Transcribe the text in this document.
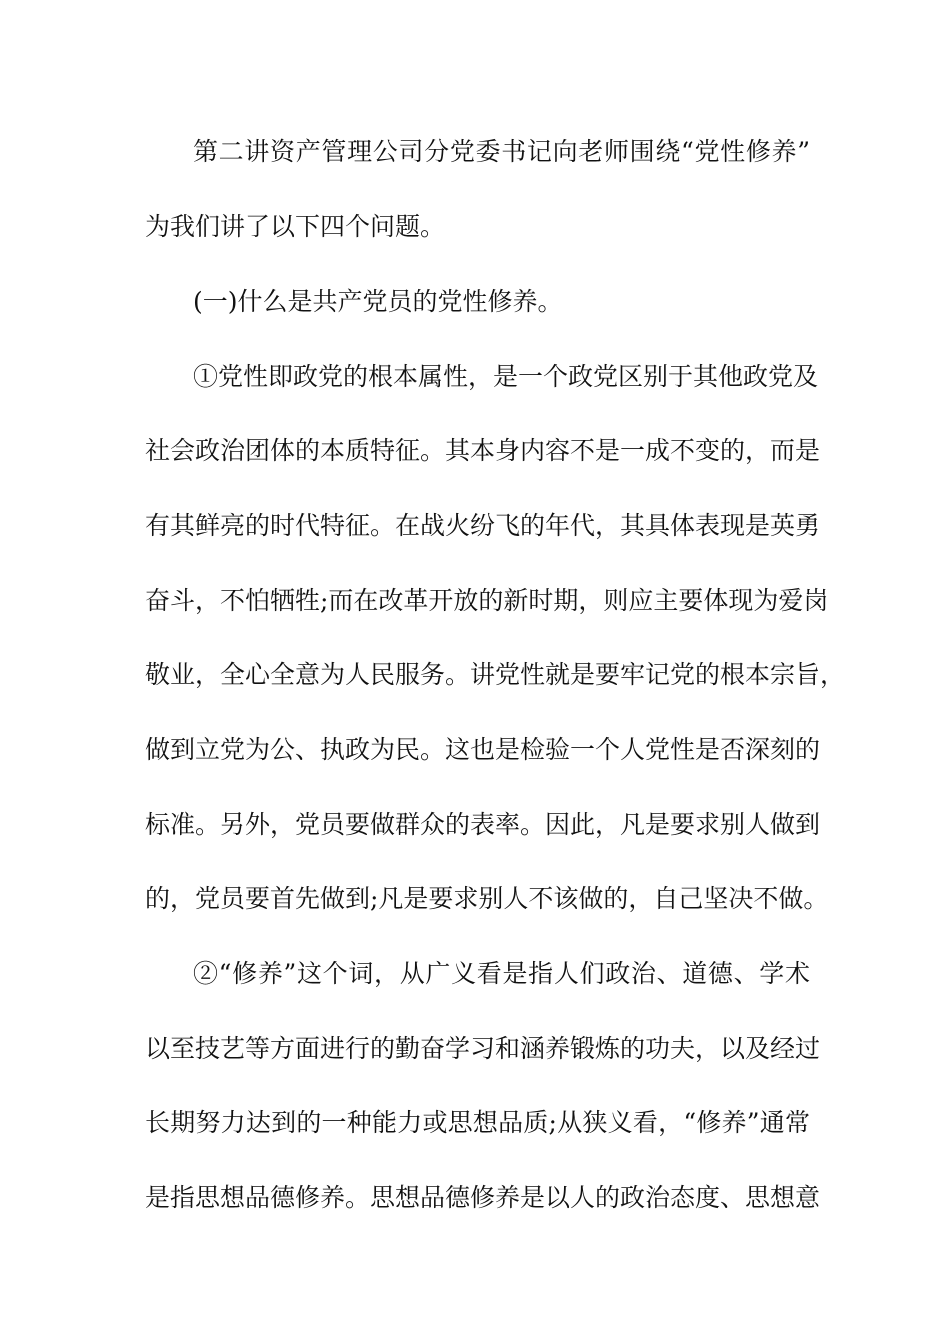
第二讲资产管理公司分党委书记向老师围绕“党性修养”
为我们讲了以下四个问题。
(一)什么是共产党员的党性修养。
①党性即政党的根本属性，是一个政党区别于其他政党及
社会政治团体的本质特征。其本身内容不是一成不变的，而是
有其鲜亮的时代特征。在战火纷飞的年代，其具体表现是英勇
奋斗，不怕牺牲;而在改革开放的新时期，则应主要体现为爱岗
敬业，全心全意为人民服务。讲党性就是要牢记党的根本宗旨，
做到立党为公、执政为民。这也是检验一个人党性是否深刻的
标准。另外，党员要做群众的表率。因此，凡是要求别人做到
的，党员要首先做到;凡是要求别人不该做的，自己坚决不做。
②“修养”这个词，从广义看是指人们政治、道德、学术
以至技艺等方面进行的勤奋学习和涵养锻炼的功夫，以及经过
长期努力达到的一种能力或思想品质;从狭义看，“修养”通常
是指思想品德修养。思想品德修养是以人的政治态度、思想意
